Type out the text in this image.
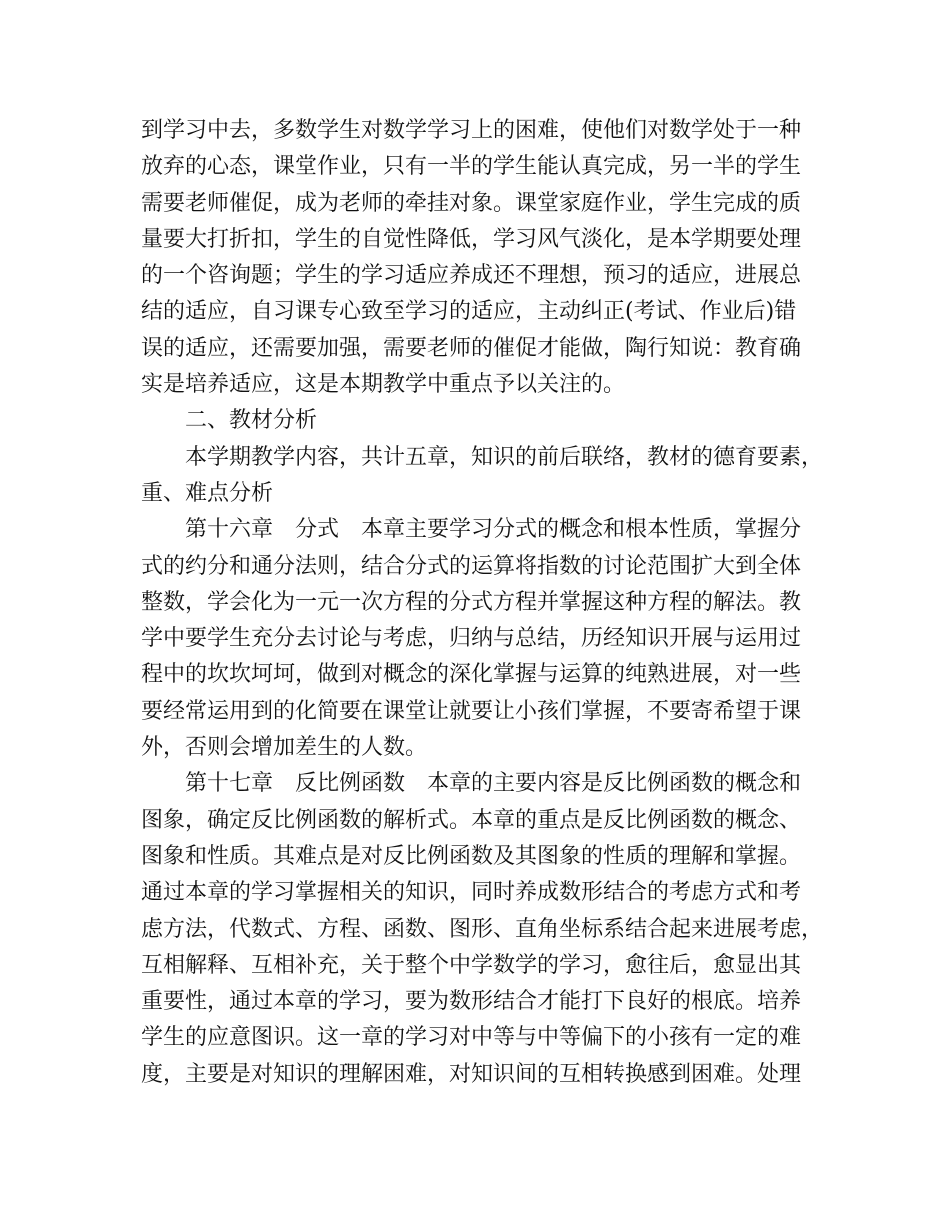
到学习中去，多数学生对数学学习上的困难，使他们对数学处于一种
放弃的心态，课堂作业，只有一半的学生能认真完成，另一半的学生
需要老师催促，成为老师的牵挂对象。课堂家庭作业，学生完成的质
量要大打折扣，学生的自觉性降低，学习风气淡化，是本学期要处理
的一个咨询题；学生的学习适应养成还不理想，预习的适应，进展总
结的适应，自习课专心致至学习的适应，主动纠正(考试、作业后)错
误的适应，还需要加强，需要老师的催促才能做，陶行知说：教育确
实是培养适应，这是本期教学中重点予以关注的。
二、教材分析
本学期教学内容，共计五章，知识的前后联络，教材的德育要素，
重、难点分析
第十六章　分式　本章主要学习分式的概念和根本性质，掌握分
式的约分和通分法则，结合分式的运算将指数的讨论范围扩大到全体
整数，学会化为一元一次方程的分式方程并掌握这种方程的解法。教
学中要学生充分去讨论与考虑，归纳与总结，历经知识开展与运用过
程中的坎坎坷坷，做到对概念的深化掌握与运算的纯熟进展，对一些
要经常运用到的化简要在课堂让就要让小孩们掌握，不要寄希望于课
外，否则会增加差生的人数。
第十七章　反比例函数　本章的主要内容是反比例函数的概念和
图象，确定反比例函数的解析式。本章的重点是反比例函数的概念、
图象和性质。其难点是对反比例函数及其图象的性质的理解和掌握。
通过本章的学习掌握相关的知识，同时养成数形结合的考虑方式和考
虑方法，代数式、方程、函数、图形、直角坐标系结合起来进展考虑，
互相解释、互相补充，关于整个中学数学的学习，愈往后，愈显出其
重要性，通过本章的学习，要为数形结合才能打下良好的根底。培养
学生的应意图识。这一章的学习对中等与中等偏下的小孩有一定的难
度，主要是对知识的理解困难，对知识间的互相转换感到困难。处理
